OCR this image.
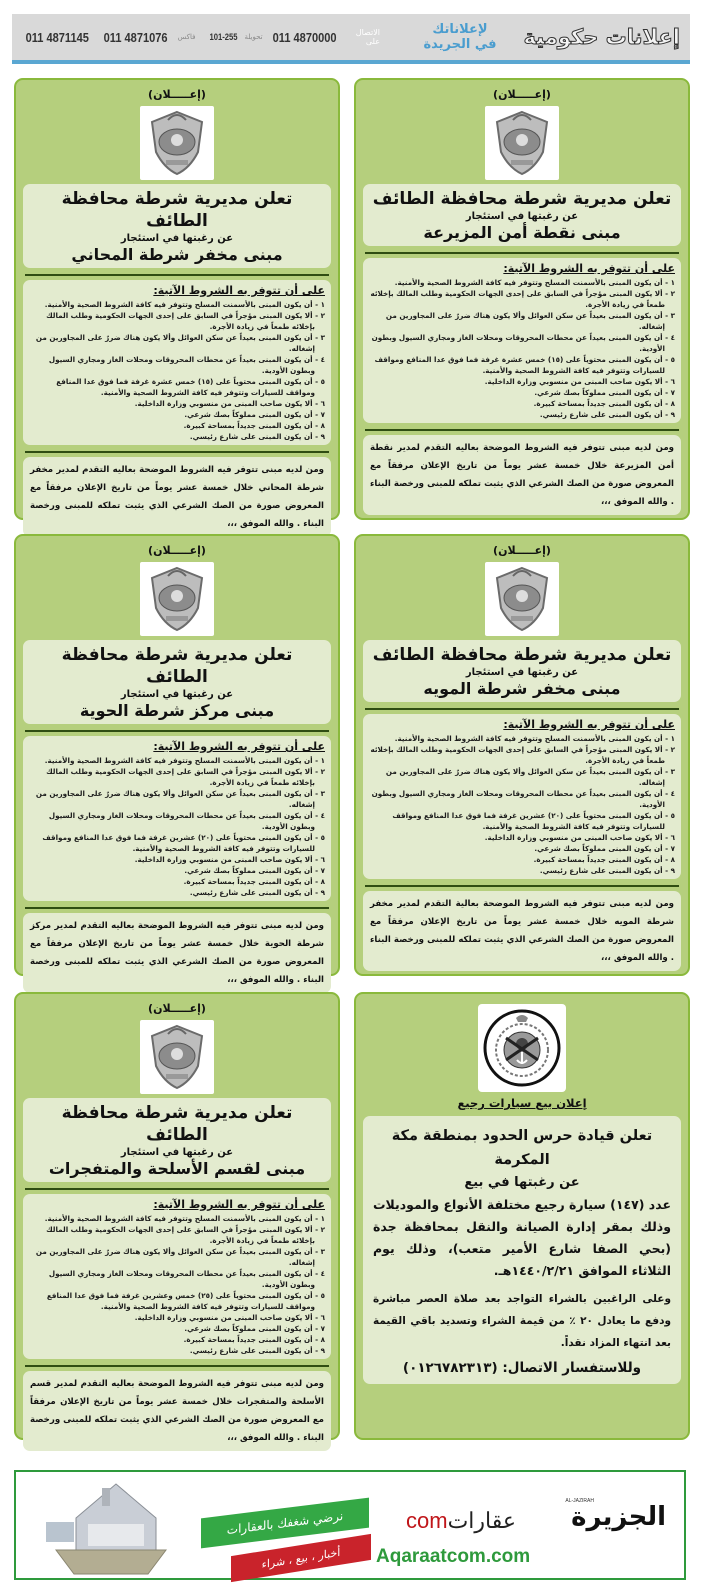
إعلانات حكومية
لإعلاناتك
في الجريدة
011 4871145 011 4871076 فاكس 101-255 تحويلة 011 4870000 الاتصال
على
(إعـــــلان)
تعلن مديرية شرطة محافظة الطائف
عن رغبتها في استئجار
مبنى نقطة أمن المزيرعة
على أن تتوفر به الشروط الآتية:
١ - أن يكون المبنى بالأسمنت المسلح وتتوفر فيه كافة الشروط الصحية والأمنية.
٢ - ألا يكون المبنى مؤجراً في السابق على إحدى الجهات الحكومية وطلب المالك بإخلائه طمعاً في زيادة الأجرة.
٣ - أن يكون المبنى بعيداً عن سكن العوائل وألا يكون هناك ضررٌ على المجاورين من إشغاله.
٤ - أن يكون المبنى بعيداً عن محطات المحروقات ومحلات الغاز ومجاري السيول وبطون الأودية.
٥ - أن يكون المبنى محتوياً على (١٥) خمس عشرة غرفة فما فوق عدا المنافع ومواقف للسيارات وتتوفر فيه كافة الشروط الصحية والأمنية.
٦ - ألا يكون صاحب المبنى من منسوبي وزارة الداخلية.
٧ - أن يكون المبنى مملوكاً بصك شرعي.
٨ - أن يكون المبنى جديداً بمساحة كبيرة.
٩ - أن يكون المبنى على شارع رئيسي.
ومن لديه مبنى تتوفر فيه الشروط الموضحة بعاليه التقدم لمدير نقطة أمن المزيرعة خلال خمسة عشر يوماً من تاريخ الإعلان مرفقاً مع المعروض صورة من الصك الشرعي الذي يثبت تملكه للمبنى ورخصة البناء . والله الموفق ،،،
(إعـــــلان)
تعلن مديرية شرطة محافظة الطائف
عن رغبتها في استئجار
مبنى مخفر شرطة المحاني
على أن تتوفر به الشروط الآتية:
١ - أن يكون المبنى بالأسمنت المسلح وتتوفر فيه كافة الشروط الصحية والأمنية.
٢ - ألا يكون المبنى مؤجراً في السابق على إحدى الجهات الحكومية وطلب المالك بإخلائه طمعاً في زيادة الأجرة.
٣ - أن يكون المبنى بعيداً عن سكن العوائل وألا يكون هناك ضررٌ على المجاورين من إشغاله.
٤ - أن يكون المبنى بعيداً عن محطات المحروقات ومحلات الغاز ومجاري السيول وبطون الأودية.
٥ - أن يكون المبنى محتوياً على (١٥) خمس عشرة غرفة فما فوق عدا المنافع ومواقف للسيارات وتتوفر فيه كافة الشروط الصحية والأمنية.
٦ - ألا يكون صاحب المبنى من منسوبي وزارة الداخلية.
٧ - أن يكون المبنى مملوكاً بصك شرعي.
٨ - أن يكون المبنى جديداً بمساحة كبيرة.
٩ - أن يكون المبنى على شارع رئيسي.
ومن لديه مبنى تتوفر فيه الشروط الموضحة بعاليه التقدم لمدير مخفر شرطة المحاني خلال خمسة عشر يوماً من تاريخ الإعلان مرفقاً مع المعروض صورة من الصك الشرعي الذي يثبت تملكه للمبنى ورخصة البناء . والله الموفق ،،،
(إعـــــلان)
تعلن مديرية شرطة محافظة الطائف
عن رغبتها في استئجار
مبنى مخفر شرطة المويه
على أن تتوفر به الشروط الآتية:
١ - أن يكون المبنى بالأسمنت المسلح وتتوفر فيه كافة الشروط الصحية والأمنية.
٢ - ألا يكون المبنى مؤجراً في السابق على إحدى الجهات الحكومية وطلب المالك بإخلائه طمعاً في زيادة الأجرة.
٣ - أن يكون المبنى بعيداً عن سكن العوائل وألا يكون هناك ضررٌ على المجاورين من إشغاله.
٤ - أن يكون المبنى بعيداً عن محطات المحروقات ومحلات الغاز ومجاري السيول وبطون الأودية.
٥ - أن يكون المبنى محتوياً على (٢٠) عشرين غرفة فما فوق عدا المنافع ومواقف للسيارات وتتوفر فيه كافة الشروط الصحية والأمنية.
٦ - ألا يكون صاحب المبنى من منسوبي وزارة الداخلية.
٧ - أن يكون المبنى مملوكاً بصك شرعي.
٨ - أن يكون المبنى جديداً بمساحة كبيرة.
٩ - أن يكون المبنى على شارع رئيسي.
ومن لديه مبنى تتوفر فيه الشروط الموضحة بعالية التقدم لمدير مخفر شرطة المويه خلال خمسة عشر يوماً من تاريخ الإعلان مرفقاً مع المعروض صورة من الصك الشرعي الذي يثبت تملكه للمبنى ورخصة البناء . والله الموفق ،،،
(إعـــــلان)
تعلن مديرية شرطة محافظة الطائف
عن رغبتها في استئجار
مبنى مركز شرطة الحوية
على أن تتوفر به الشروط الآتية:
١ - أن يكون المبنى بالأسمنت المسلح وتتوفر فيه كافة الشروط الصحية والأمنية.
٢ - ألا يكون المبنى مؤجراً في السابق على إحدى الجهات الحكومية وطلب المالك بإخلائه طمعاً في زيادة الأجرة.
٣ - أن يكون المبنى بعيداً عن سكن العوائل وألا يكون هناك ضررٌ على المجاورين من إشغاله.
٤ - أن يكون المبنى بعيداً عن محطات المحروقات ومحلات الغاز ومجاري السيول وبطون الأودية.
٥ - أن يكون المبنى محتوياً على (٢٠) عشرين غرفة فما فوق عدا المنافع ومواقف للسيارات وتتوفر فيه كافة الشروط الصحية والأمنية.
٦ - ألا يكون صاحب المبنى من منسوبي وزارة الداخلية.
٧ - أن يكون المبنى مملوكاً بصك شرعي.
٨ - أن يكون المبنى جديداً بمساحة كبيرة.
٩ - أن يكون المبنى على شارع رئيسي.
ومن لديه مبنى تتوفر فيه الشروط الموضحة بعاليه التقدم لمدير مركز شرطة الحوية خلال خمسة عشر يوماً من تاريخ الإعلان مرفقاً مع المعروض صورة من الصك الشرعي الذي يثبت تملكه للمبنى ورخصة البناء . والله الموفق ،،،
(إعـــــلان)
تعلن مديرية شرطة محافظة الطائف
عن رغبتها في استئجار
مبنى لقسم الأسلحة والمتفجرات
على أن تتوفر به الشروط الآتية:
١ - أن يكون المبنى بالأسمنت المسلح وتتوفر فيه كافة الشروط الصحية والأمنية.
٢ - ألا يكون المبنى مؤجراً في السابق على إحدى الجهات الحكومية وطلب المالك بإخلائه طمعاً في زيادة الأجرة.
٣ - أن يكون المبنى بعيداً عن سكن العوائل وألا يكون هناك ضررٌ على المجاورين من إشغاله.
٤ - أن يكون المبنى بعيداً عن محطات المحروقات ومحلات الغاز ومجاري السيول وبطون الأودية.
٥ - أن يكون المبنى محتوياً على (٢٥) خمس وعشرين غرفة فما فوق عدا المنافع ومواقف للسيارات وتتوفر فيه كافة الشروط الصحية والأمنية.
٦ - ألا يكون صاحب المبنى من منسوبي وزارة الداخلية.
٧ - أن يكون المبنى مملوكاً بصك شرعي.
٨ - أن يكون المبنى جديداً بمساحة كبيرة.
٩ - أن يكون المبنى على شارع رئيسي.
ومن لديه مبنى تتوفر فيه الشروط الموضحة بعاليه التقدم لمدير قسم الأسلحة والمتفجرات خلال خمسة عشر يوماً من تاريخ الإعلان مرفقاً مع المعروض صورة من الصك الشرعي الذي يثبت تملكه للمبنى ورخصة البناء . والله الموفق ،،،
إعلان بيع سيارات رجيع
تعلن قيادة حرس الحدود بمنطقة مكة المكرمة
عن رغبتها في بيع
عدد (١٤٧) سيارة رجيع مختلفة الأنواع والموديلات وذلك بمقر إدارة الصيانة والنقل بمحافظة جدة (بحي الصفا شارع الأمير متعب)، وذلك يوم الثلاثاء الموافق ١٤٤٠/٢/٢١هـ.
وعلى الراغبين بالشراء التواجد بعد صلاة العصر مباشرة ودفع ما يعادل ٢٠ ٪ من قيمة الشراء وتسديد باقي القيمة بعد انتهاء المزاد نقداً.
وللاستفسار الاتصال: (٠١٢٦٧٨٢٣١٣)
نرضي شغفك بالعقارات
أخبار ، بيع ، شراء
comعقارات
Aqaraatcom.com
AL-JAZIRAH
الجزيرة
